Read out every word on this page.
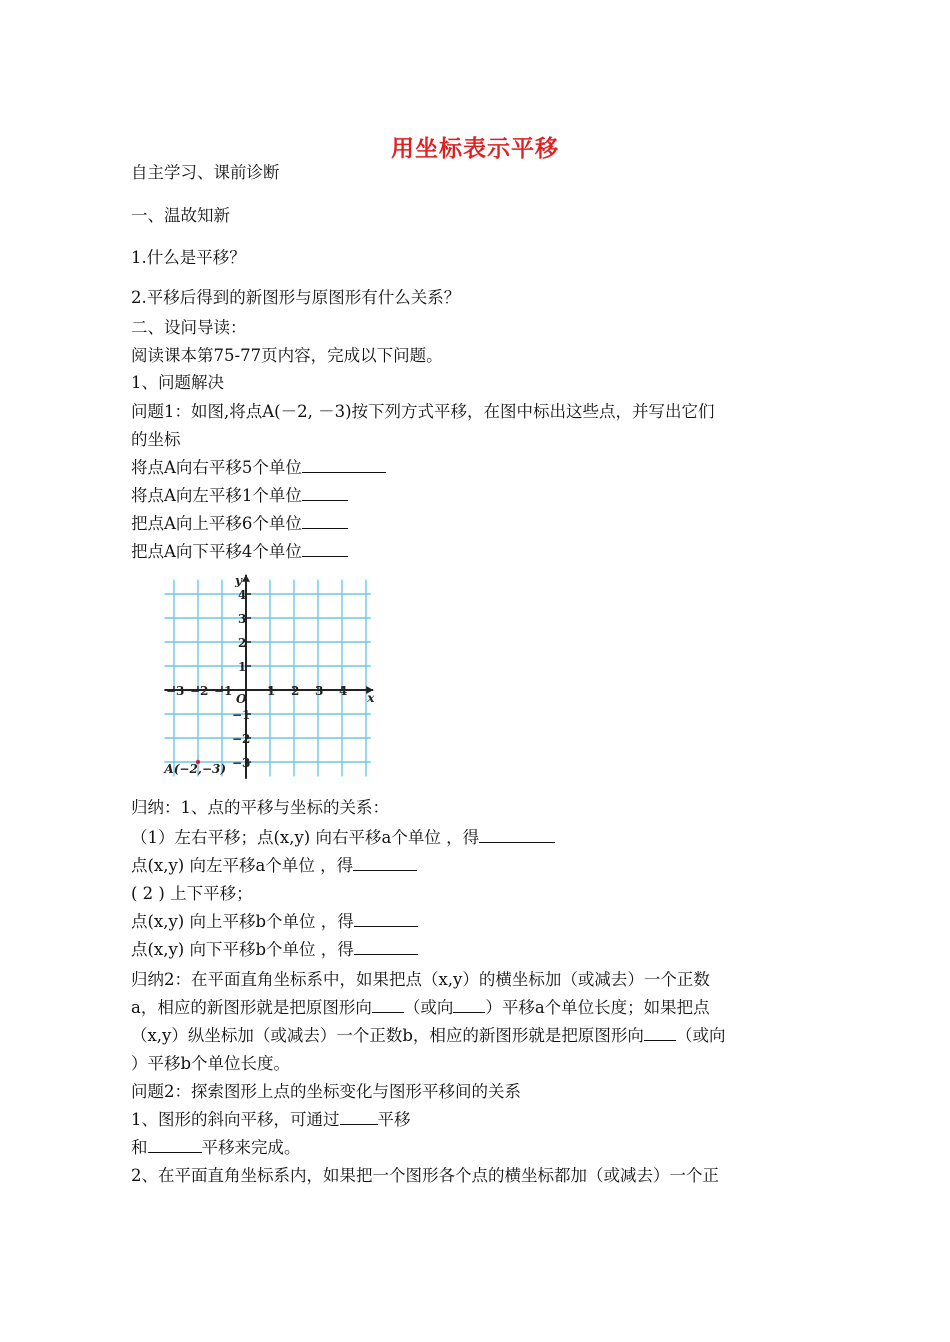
用坐标表示平移
自主学习、课前诊断
一、温故知新
1.什么是平移？
2.平移后得到的新图形与原图形有什么关系？
二、设问导读：
阅读课本第75-77页内容，完成以下问题。
1、问题解决
问题1：如图,将点A(－2, －3)按下列方式平移，在图中标出这些点，并写出它们
的坐标
将点A向右平移5个单位
将点A向左平移1个单位
把点A向上平移6个单位
把点A向下平移4个单位
−3 −2 −1	1 2 3 4
4
3
2
1
−1
−2
−3
x
y
O
A(−2,−3)
归纳：1、点的平移与坐标的关系：
（1）左右平移；点(x,y) 向右平移a个单位 ，得
点(x,y) 向左平移a个单位 ，得
( 2 ) 上下平移；
点(x,y) 向上平移b个单位 ，得
点(x,y) 向下平移b个单位 ，得
归纳2：在平面直角坐标系中，如果把点（x,y）的横坐标加（或减去）一个正数
a，相应的新图形就是把原图形向 （或向 ）平移a个单位长度；如果把点
（x,y）纵坐标加（或减去）一个正数b，相应的新图形就是把原图形向 （或向
）平移b个单位长度。
问题2：探索图形上点的坐标变化与图形平移间的关系
1、图形的斜向平移，可通过 平移
和	平移来完成。
2、在平面直角坐标系内，如果把一个图形各个点的横坐标都加（或减去）一个正
